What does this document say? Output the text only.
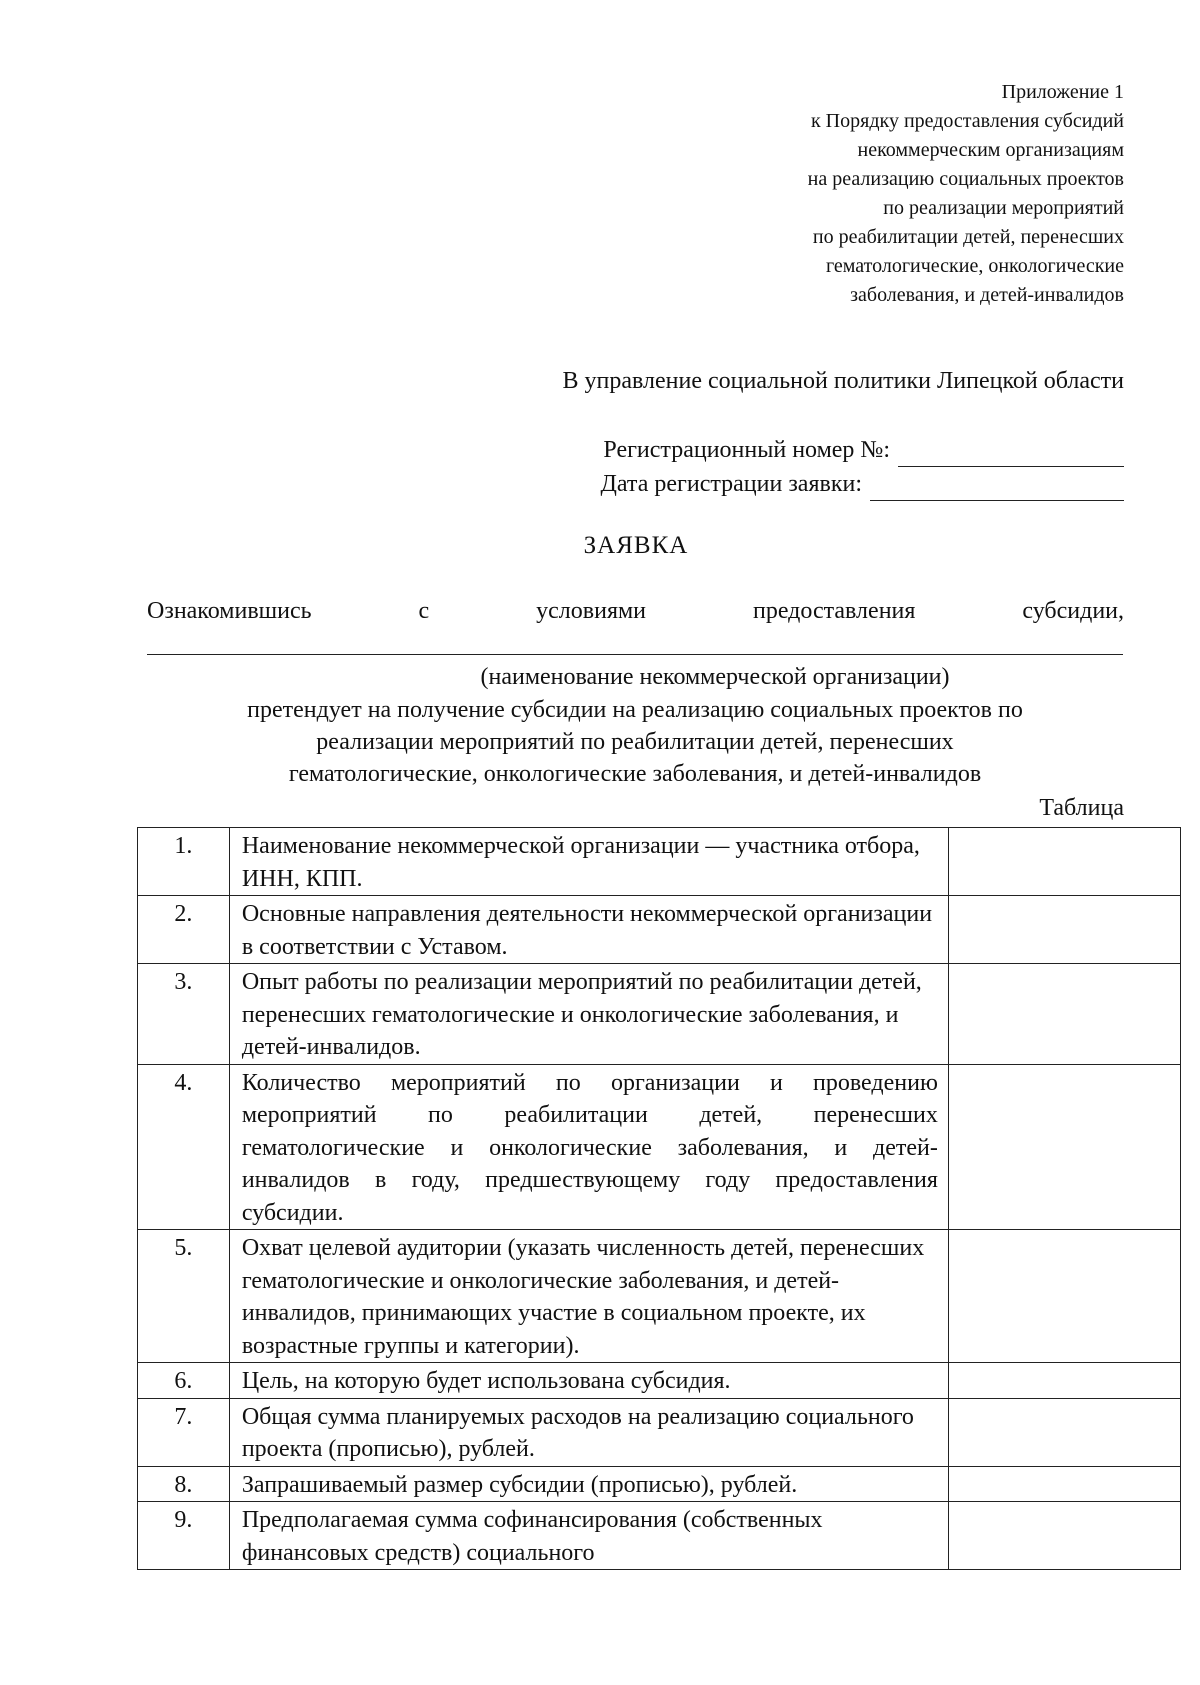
Приложение 1
к Порядку предоставления субсидий
некоммерческим организациям
на реализацию социальных проектов
по реализации мероприятий
по реабилитации детей, перенесших
гематологические, онкологические
заболевания, и детей-инвалидов
В управление социальной политики Липецкой области
Регистрационный номер №:
Дата регистрации заявки:
ЗАЯВКА
Ознакомившись	с	условиями	предоставления	субсидии,
(наименование некоммерческой организации)
претендует на получение субсидии на реализацию социальных проектов по
реализации мероприятий по реабилитации детей, перенесших
гематологические, онкологические заболевания, и детей-инвалидов
Таблица
1.	Наименование некоммерческой организации — участника отбора, ИНН, КПП.	
2.	Основные направления деятельности некоммерческой организации в соответствии с Уставом.	
3.	Опыт работы по реализации мероприятий по реабилитации детей, перенесших гематологические и онкологические заболевания, и детей-инвалидов.	
4.	Количество мероприятий по организации и проведению мероприятий по реабилитации детей, перенесших гематологические и онкологические заболевания, и детей-инвалидов в году, предшествующему году предоставления субсидии.	
5.	Охват целевой аудитории (указать численность детей, перенесших гематологические и онкологические заболевания, и детей-инвалидов, принимающих участие в социальном проекте, их возрастные группы и категории).	
6.	Цель, на которую будет использована субсидия.	
7.	Общая сумма планируемых расходов на реализацию социального проекта (прописью), рублей.	
8.	Запрашиваемый размер субсидии (прописью), рублей.	
9.	Предполагаемая сумма софинансирования (собственных финансовых средств) социального	
